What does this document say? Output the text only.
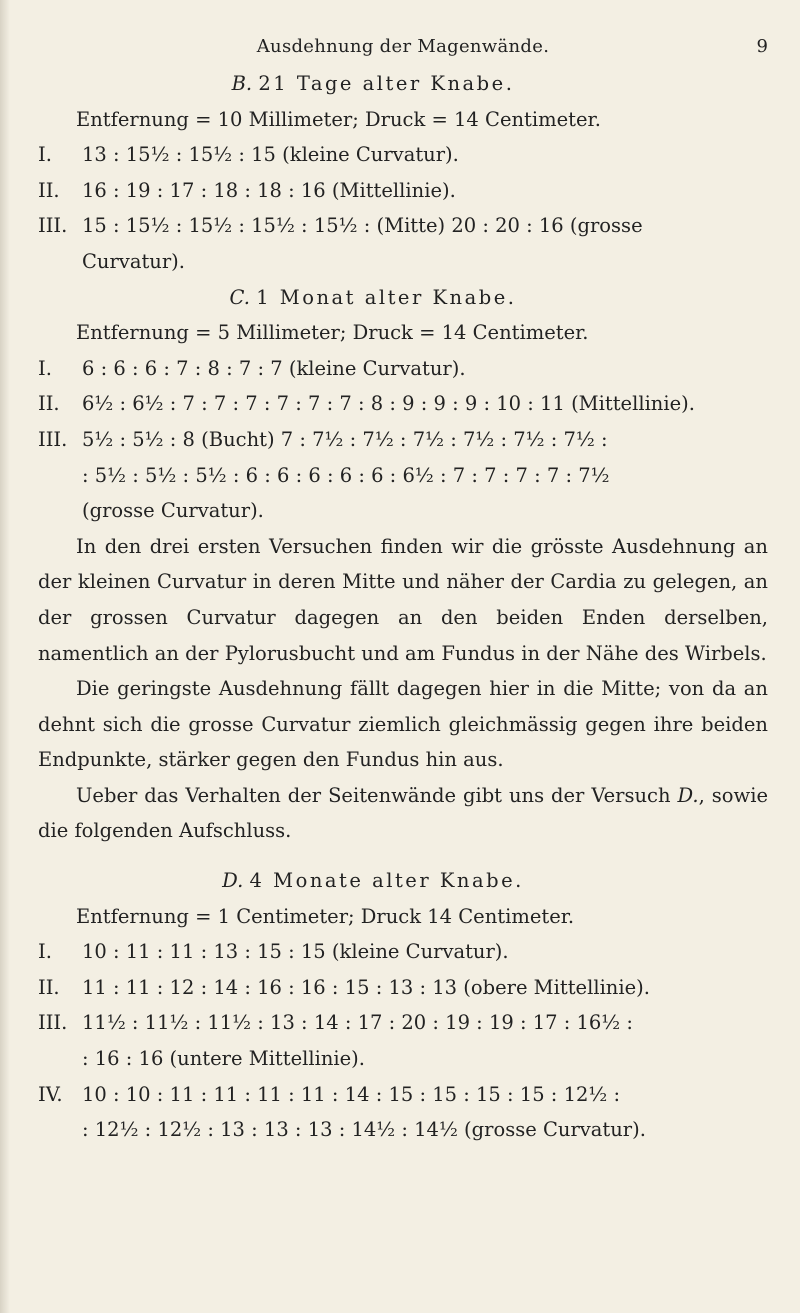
Ausdehnung der Magenwände.	9
B. 21 Tage alter Knabe.
Entfernung = 10 Millimeter; Druck = 14 Centimeter.
I. 13 : 15½ : 15½ : 15 (kleine Curvatur).
II. 16 : 19 : 17 : 18 : 18 : 16 (Mittellinie).
III. 15 : 15½ : 15½ : 15½ : 15½ : (Mitte) 20 : 20 : 16 (grosse
Curvatur).
C. 1 Monat alter Knabe.
Entfernung = 5 Millimeter; Druck = 14 Centimeter.
I. 6 : 6 : 6 : 7 : 8 : 7 : 7 (kleine Curvatur).
II. 6½ : 6½ : 7 : 7 : 7 : 7 : 7 : 7 : 8 : 9 : 9 : 9 : 10 : 11 (Mittellinie).
III. 5½ : 5½ : 8 (Bucht) 7 : 7½ : 7½ : 7½ : 7½ : 7½ : 7½ :
: 5½ : 5½ : 5½ : 6 : 6 : 6 : 6 : 6 : 6½ : 7 : 7 : 7 : 7 : 7½
(grosse Curvatur).
In den drei ersten Versuchen finden wir die grösste Ausdehnung an der kleinen Curvatur in deren Mitte und näher der Cardia zu gelegen, an der grossen Curvatur dagegen an den beiden Enden derselben, namentlich an der Pylorusbucht und am Fundus in der Nähe des Wirbels.
Die geringste Ausdehnung fällt dagegen hier in die Mitte; von da an dehnt sich die grosse Curvatur ziemlich gleichmässig gegen ihre beiden Endpunkte, stärker gegen den Fundus hin aus.
Ueber das Verhalten der Seitenwände gibt uns der Versuch D., sowie die folgenden Aufschluss.
D. 4 Monate alter Knabe.
Entfernung = 1 Centimeter; Druck 14 Centimeter.
I. 10 : 11 : 11 : 13 : 15 : 15 (kleine Curvatur).
II. 11 : 11 : 12 : 14 : 16 : 16 : 15 : 13 : 13 (obere Mittellinie).
III. 11½ : 11½ : 11½ : 13 : 14 : 17 : 20 : 19 : 19 : 17 : 16½ :
: 16 : 16 (untere Mittellinie).
IV. 10 : 10 : 11 : 11 : 11 : 11 : 14 : 15 : 15 : 15 : 15 : 12½ :
: 12½ : 12½ : 13 : 13 : 13 : 14½ : 14½ (grosse Curvatur).
